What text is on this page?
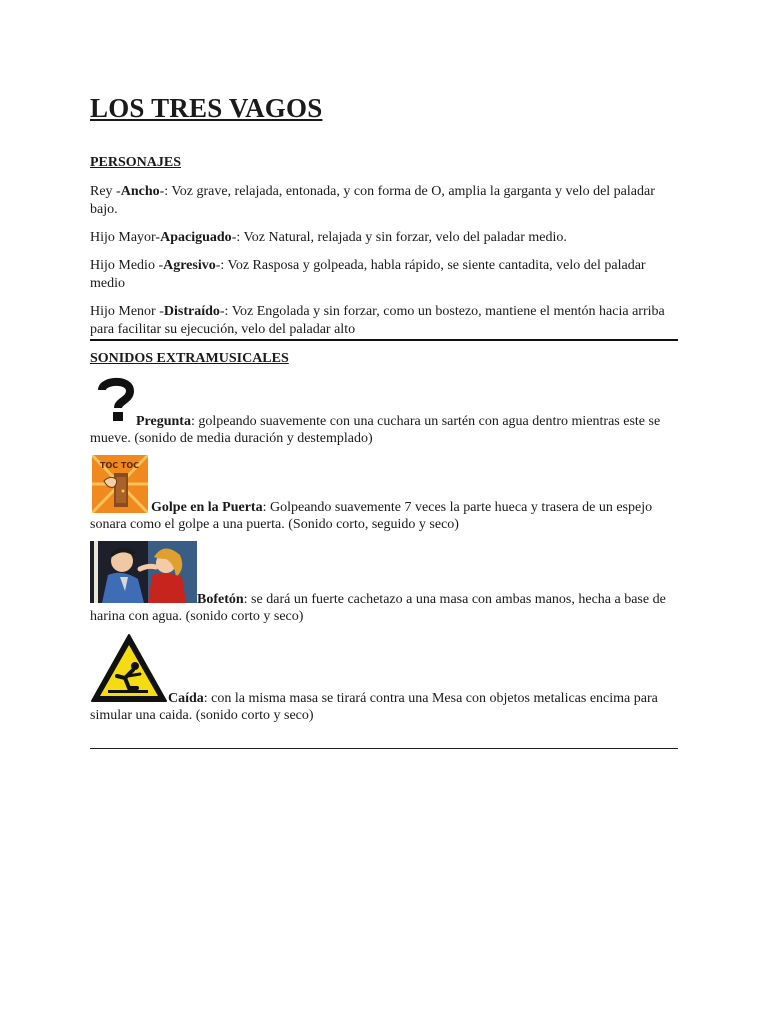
LOS TRES VAGOS
PERSONAJES

Rey -Ancho-: Voz grave, relajada, entonada, y con forma de O, amplia la garganta y velo del paladar bajo.

Hijo Mayor-Apaciguado-: Voz Natural, relajada y sin forzar, velo del paladar medio.

Hijo Medio -Agresivo-: Voz Rasposa y golpeada, habla rápido, se siente cantadita, velo del paladar medio

Hijo Menor -Distraído-: Voz Engolada y sin forzar, como un bostezo, mantiene el mentón hacia arriba para facilitar su ejecución, velo del paladar alto

SONIDOS EXTRAMUSICALES

Pregunta: golpeando suavemente con una cuchara un sartén con agua dentro mientras este se mueve. (sonido de media duración y destemplado)

TOC TOC

Golpe en la Puerta: Golpeando suavemente 7 veces la parte hueca y trasera de un espejo sonara como el golpe a una puerta. (Sonido corto, seguido y seco)

Bofetón: se dará un fuerte cachetazo a una masa con ambas manos, hecha a base de harina con agua. (sonido corto y seco)

Caída: con la misma masa se tirará contra una Mesa con objetos metalicas encima para simular una caida. (sonido corto y seco)
